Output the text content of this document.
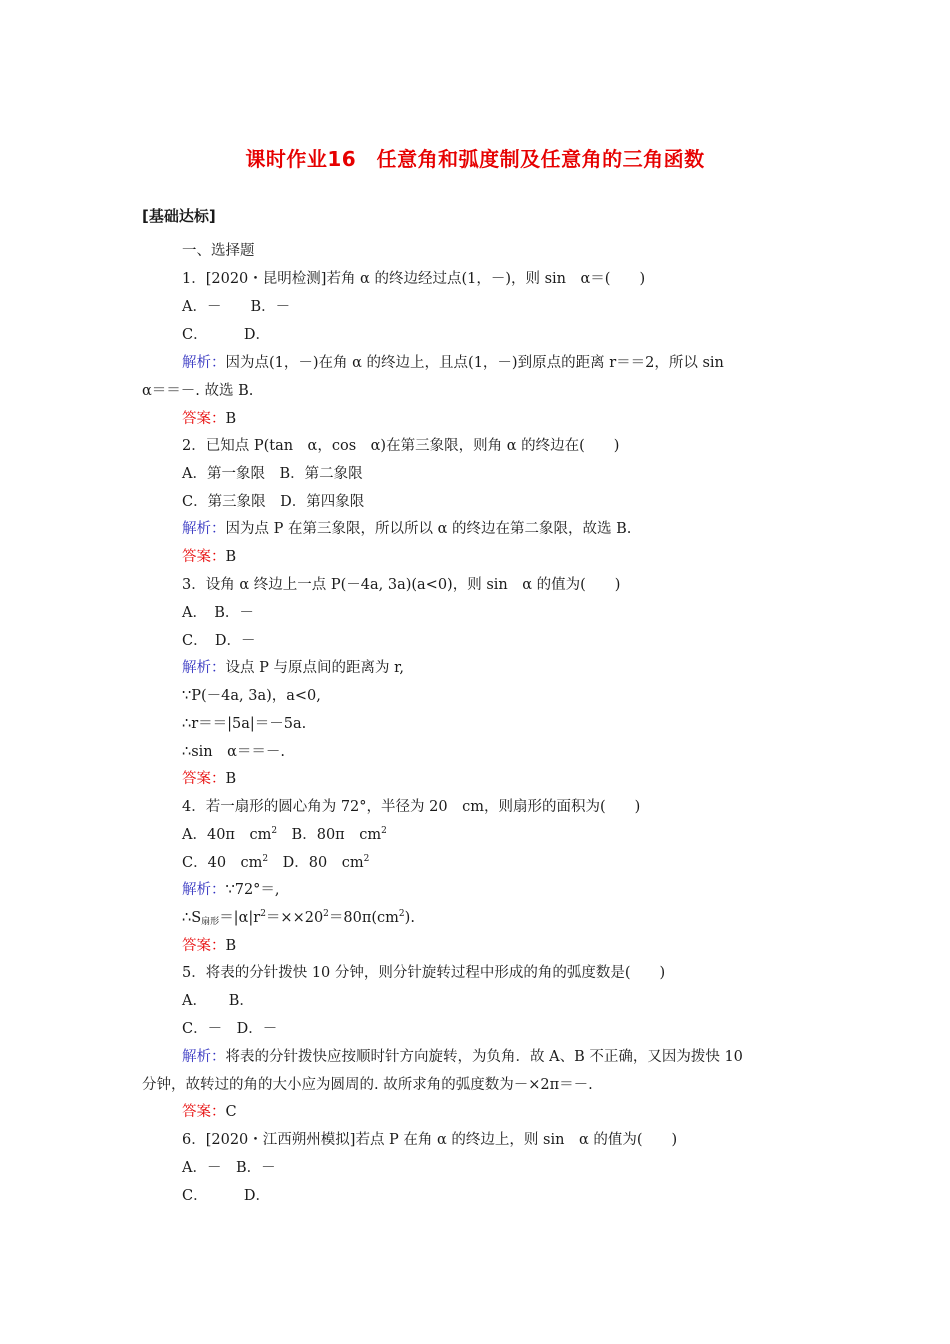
课时作业16　任意角和弧度制及任意角的三角函数
[基础达标]
一、选择题
1．[2020・昆明检测]若角 α 的终边经过点(1，－)，则 sin　α＝(　　)
A．－　　B．－
C．　　　D．
解析：因为点(1，－)在角 α 的终边上，且点(1，－)到原点的距离 r＝＝2，所以 sin
α＝＝－. 故选 B.
答案：B
2．已知点 P(tan　α，cos　α)在第三象限，则角 α 的终边在(　　)
A．第一象限　B．第二象限
C．第三象限　D．第四象限
解析：因为点 P 在第三象限，所以所以 α 的终边在第二象限，故选 B.
答案：B
3．设角 α 终边上一点 P(－4a, 3a)(a<0)，则 sin　α 的值为(　　)
A．　B．－
C．　D．－
解析：设点 P 与原点间的距离为 r,
∵P(－4a, 3a)，a<0,
∴r＝＝|5a|＝－5a.
∴sin　α＝＝－.
答案：B
4．若一扇形的圆心角为 72°，半径为 20　cm，则扇形的面积为(　　)
A．40π　$cm^2$　B．80π　$cm^2$
C．40　$cm^2$　D．80　$cm^2$
解析：∵72°＝,
$\therefore S_{扇形}=|\alpha|r^2=\times\times 20^2=80\pi(cm^2)$.
答案：B
5．将表的分针拨快 10 分钟，则分针旋转过程中形成的角的弧度数是(　　)
A．　　B．
C．－　D．－
解析：将表的分针拨快应按顺时针方向旋转，为负角．故 A、B 不正确，又因为拨快 10
分钟，故转过的角的大小应为圆周的. 故所求角的弧度数为－×2π＝－.
答案：C
6．[2020・江西朔州模拟]若点 P 在角 α 的终边上，则 sin　α 的值为(　　)
A．－　B．－
C．　　　D．
